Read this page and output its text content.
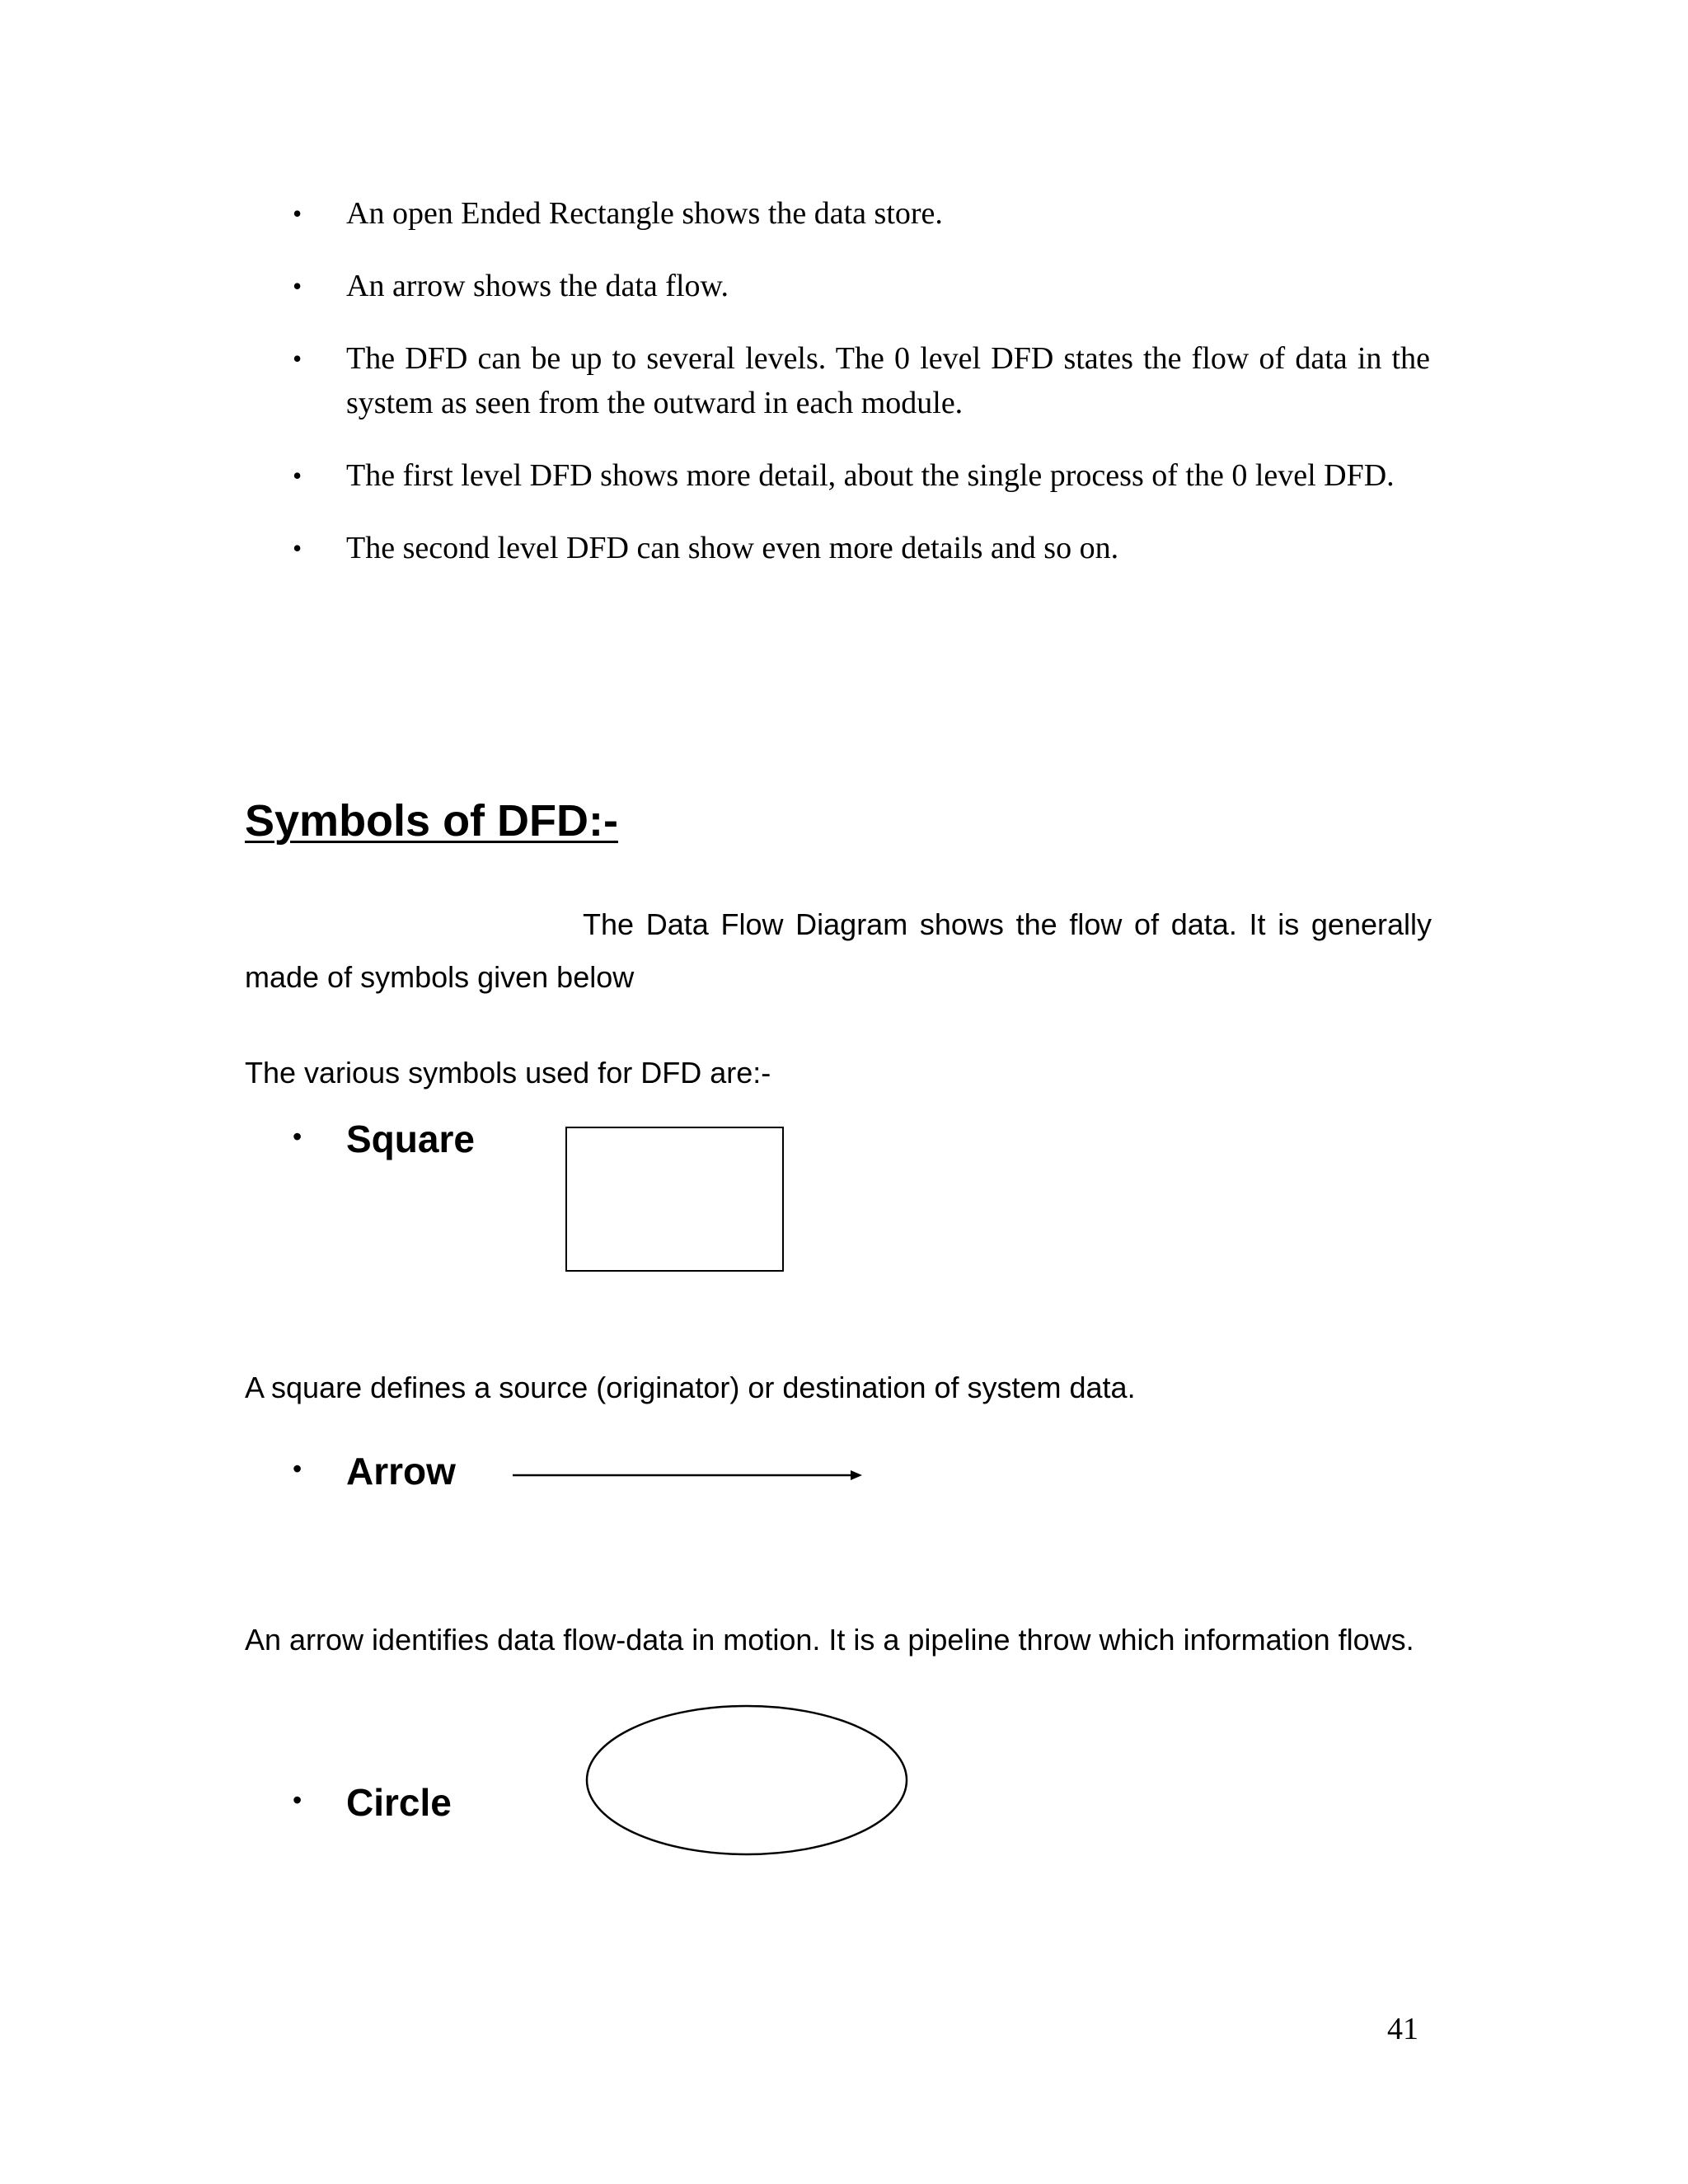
• An open Ended Rectangle shows the data store.
• An arrow shows the data flow.
• The DFD can be up to several levels. The 0 level DFD states the flow of data in the system as seen from the outward in each module.
• The first level DFD shows more detail, about the single process of the 0 level DFD.
• The second level DFD can show even more details and so on.
Symbols of DFD:-

The Data Flow Diagram shows the flow of data. It is generally made of symbols given below

The various symbols used for DFD are:-

• Square

A square defines a source (originator) or destination of system data.

• Arrow

An arrow identifies data flow-data in motion. It is a pipeline throw which information flows.

• Circle
41
